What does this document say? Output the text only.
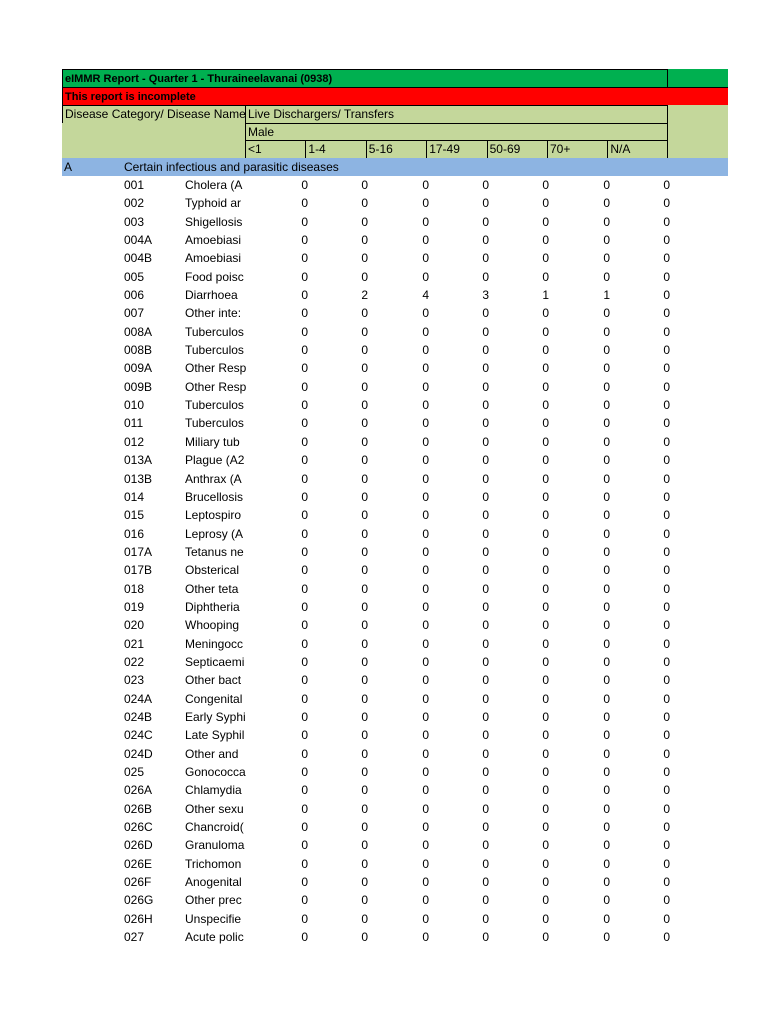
eIMMR Report - Quarter 1 - Thuraineelavanai (0938)
This report is incomplete
Disease Category/ Disease Name Live Dischargers/ Transfers
Male
<1	1-4	5-16	17-49	50-69	70+	N/A
A	Certain infectious and parasitic diseases
001	Cholera (A	0	0	0	0	0	0	0
002	Typhoid ar	0	0	0	0	0	0	0
003	Shigellosis	0	0	0	0	0	0	0
004A	Amoebiasi	0	0	0	0	0	0	0
004B	Amoebiasi	0	0	0	0	0	0	0
005	Food poisc	0	0	0	0	0	0	0
006	Diarrhoea	0	2	4	3	1	1	0
007	Other inte:	0	0	0	0	0	0	0
008A	Tuberculos	0	0	0	0	0	0	0
008B	Tuberculos	0	0	0	0	0	0	0
009A	Other Resp	0	0	0	0	0	0	0
009B	Other Resp	0	0	0	0	0	0	0
010	Tuberculos	0	0	0	0	0	0	0
011	Tuberculos	0	0	0	0	0	0	0
012	Miliary tub	0	0	0	0	0	0	0
013A	Plague (A2	0	0	0	0	0	0	0
013B	Anthrax (A	0	0	0	0	0	0	0
014	Brucellosis	0	0	0	0	0	0	0
015	Leptospiro	0	0	0	0	0	0	0
016	Leprosy (A	0	0	0	0	0	0	0
017A	Tetanus ne	0	0	0	0	0	0	0
017B	Obsterical	0	0	0	0	0	0	0
018	Other teta	0	0	0	0	0	0	0
019	Diphtheria	0	0	0	0	0	0	0
020	Whooping	0	0	0	0	0	0	0
021	Meningocc	0	0	0	0	0	0	0
022	Septicaemi	0	0	0	0	0	0	0
023	Other bact	0	0	0	0	0	0	0
024A	Congenital	0	0	0	0	0	0	0
024B	Early Syphi	0	0	0	0	0	0	0
024C	Late Syphil	0	0	0	0	0	0	0
024D	Other and	0	0	0	0	0	0	0
025	Gonococca	0	0	0	0	0	0	0
026A	Chlamydia	0	0	0	0	0	0	0
026B	Other sexu	0	0	0	0	0	0	0
026C	Chancroid(	0	0	0	0	0	0	0
026D	Granuloma	0	0	0	0	0	0	0
026E	Trichomon	0	0	0	0	0	0	0
026F	Anogenital	0	0	0	0	0	0	0
026G	Other prec	0	0	0	0	0	0	0
026H	Unspecifie	0	0	0	0	0	0	0
027	Acute polic	0	0	0	0	0	0	0
